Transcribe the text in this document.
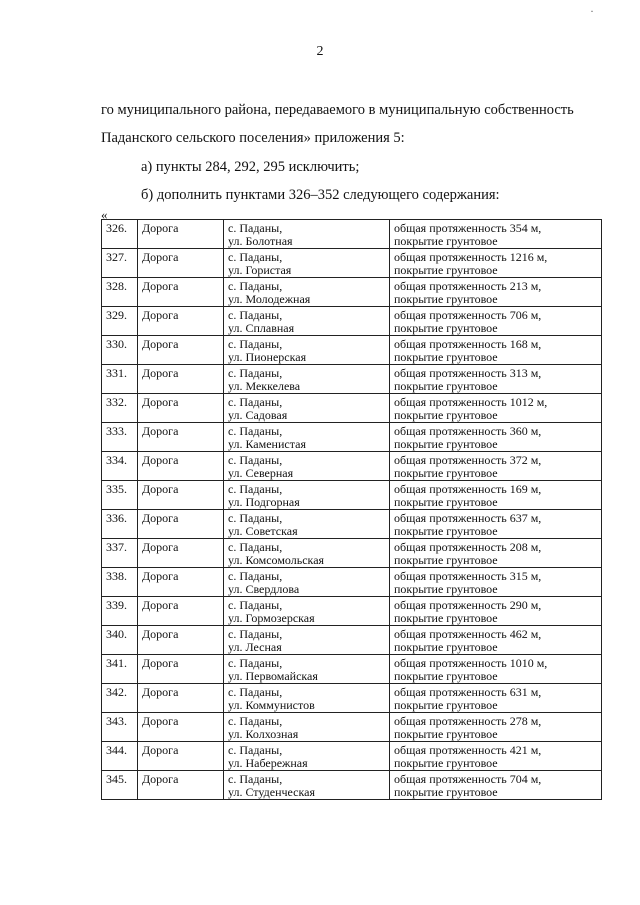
·
2
го муниципального района, передаваемого в муниципальную собственность
Паданского сельского поселения» приложения 5:
а) пункты 284, 292, 295 исключить;
б) дополнить пунктами 326–352 следующего содержания:
«
326.	Дорога	с. Паданы,
ул. Болотная	общая протяженность 354 м,
покрытие грунтовое

327.	Дорога	с. Паданы,
ул. Гористая	общая протяженность 1216 м,
покрытие грунтовое

328.	Дорога	с. Паданы,
ул. Молодежная	общая протяженность 213 м,
покрытие грунтовое

329.	Дорога	с. Паданы,
ул. Сплавная	общая протяженность 706 м,
покрытие грунтовое

330.	Дорога	с. Паданы,
ул. Пионерская	общая протяженность 168 м,
покрытие грунтовое

331.	Дорога	с. Паданы,
ул. Меккелева	общая протяженность 313 м,
покрытие грунтовое

332.	Дорога	с. Паданы,
ул. Садовая	общая протяженность 1012 м,
покрытие грунтовое

333.	Дорога	с. Паданы,
ул. Каменистая	общая протяженность 360 м,
покрытие грунтовое

334.	Дорога	с. Паданы,
ул. Северная	общая протяженность 372 м,
покрытие грунтовое

335.	Дорога	с. Паданы,
ул. Подгорная	общая протяженность 169 м,
покрытие грунтовое

336.	Дорога	с. Паданы,
ул. Советская	общая протяженность 637 м,
покрытие грунтовое

337.	Дорога	с. Паданы,
ул. Комсомольская	общая протяженность 208 м,
покрытие грунтовое

338.	Дорога	с. Паданы,
ул. Свердлова	общая протяженность 315 м,
покрытие грунтовое

339.	Дорога	с. Паданы,
ул. Гормозерская	общая протяженность 290 м,
покрытие грунтовое

340.	Дорога	с. Паданы,
ул. Лесная	общая протяженность 462 м,
покрытие грунтовое

341.	Дорога	с. Паданы,
ул. Первомайская	общая протяженность 1010 м,
покрытие грунтовое

342.	Дорога	с. Паданы,
ул. Коммунистов	общая протяженность 631 м,
покрытие грунтовое

343.	Дорога	с. Паданы,
ул. Колхозная	общая протяженность 278 м,
покрытие грунтовое

344.	Дорога	с. Паданы,
ул. Набережная	общая протяженность 421 м,
покрытие грунтовое

345.	Дорога	с. Паданы,
ул. Студенческая	общая протяженность 704 м,
покрытие грунтовое
